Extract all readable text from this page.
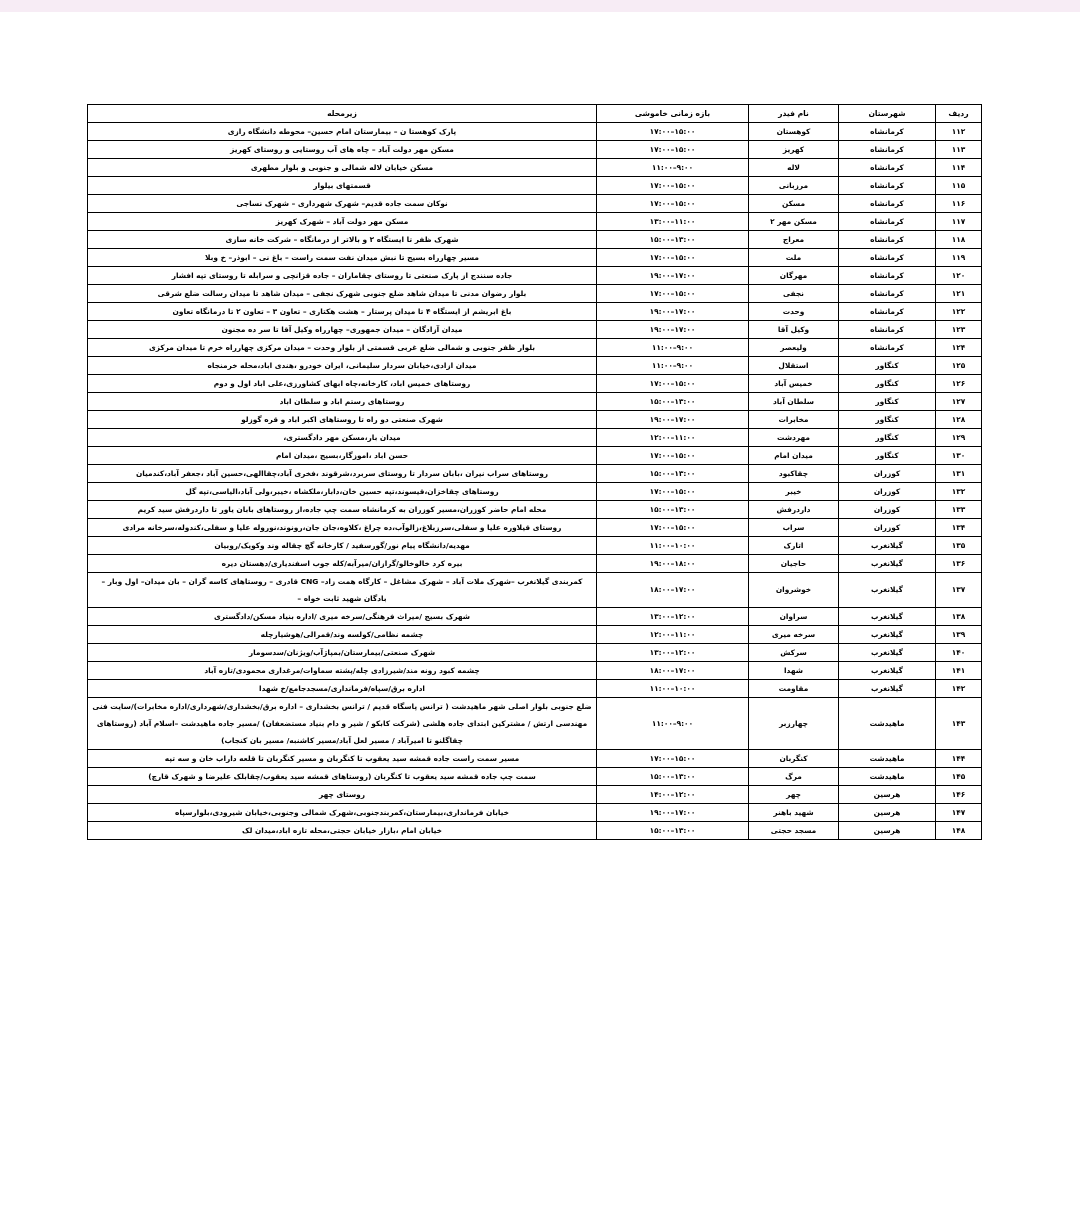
ردیف	شهرستان	نام فیدر	بازه زمانی خاموشی	زیرمحله
۱۱۲	کرمانشاه	کوهستان	۱۵:۰۰–۱۷:۰۰	پارک کوهستا ن – بیمارستان امام حسین– محوطه دانشگاه رازی
۱۱۳	کرمانشاه	کهریز	۱۵:۰۰–۱۷:۰۰	مسکن مهر دولت آباد – چاه های آب روستایی و روستای کهریز
۱۱۴	کرمانشاه	لاله	۹:۰۰–۱۱:۰۰	مسکن خیابان لاله شمالی و جنوبی و بلوار مطهری
۱۱۵	کرمانشاه	مرزبانی	۱۵:۰۰–۱۷:۰۰	قسمتهای بیلوار
۱۱۶	کرمانشاه	مسکن	۱۵:۰۰–۱۷:۰۰	نوکان سمت جاده قدیم– شهرک شهرداری – شهرک نساجی
۱۱۷	کرمانشاه	مسکن مهر ۲	۱۱:۰۰–۱۳:۰۰	مسکن مهر دولت آباد – شهرک کهریز
۱۱۸	کرمانشاه	معراج	۱۳:۰۰–۱۵:۰۰	شهرک ظفر تا ایستگاه ۲ و بالاتر از درمانگاه – شرکت خانه سازی
۱۱۹	کرمانشاه	ملت	۱۵:۰۰–۱۷:۰۰	مسیر چهارراه بسیج تا نبش میدان نفت سمت راست – باغ نی – ابوذر– خ وبلا
۱۲۰	کرمانشاه	مهرگان	۱۷:۰۰–۱۹:۰۰	جاده سنندج از پارک صنعتی تا روستای چقاماران – جاده قزانچی و سرابله تا روستای تپه افشار
۱۲۱	کرمانشاه	نجفی	۱۵:۰۰–۱۷:۰۰	بلوار رضوان مدنی تا میدان شاهد ضلع جنوبی شهرک نجفی – میدان شاهد تا میدان رسالت ضلع شرقی
۱۲۲	کرمانشاه	وحدت	۱۷:۰۰–۱۹:۰۰	باغ ابریشم از ایستگاه ۴ تا میدان پرستار – هشت هکتاری – تعاون ۳ – تعاون ۲ تا درمانگاه تعاون
۱۲۳	کرمانشاه	وکیل آقا	۱۷:۰۰–۱۹:۰۰	میدان آزادگان – میدان جمهوری– چهارراه وکیل آقا تا سر ده مجنون
۱۲۴	کرمانشاه	ولیعصر	۹:۰۰–۱۱:۰۰	بلوار ظفر جنوبی و شمالی ضلع غربی قسمتی از بلوار وحدت – میدان مرکزی چهارراه خرم تا میدان مرکزی
۱۲۵	کنگاور	استقلال	۹:۰۰–۱۱:۰۰	میدان ازادی،خیابان سردار سلیمانی، ایران خودرو ،هندی اباد،محله خرمنجاه
۱۲۶	کنگاور	خمیس آباد	۱۵:۰۰–۱۷:۰۰	روستاهای خمیس اباد، کارخانه،چاه ابهای کشاورزی،علی اباد اول و دوم
۱۲۷	کنگاور	سلطان آباد	۱۳:۰۰–۱۵:۰۰	روستاهای رستم اباد و سلطان اباد
۱۲۸	کنگاور	مخابرات	۱۷:۰۰–۱۹:۰۰	شهرک صنعتی دو راه تا روستاهای اکبر اباد و قره گوزلو
۱۲۹	کنگاور	مهردشت	۱۱:۰۰–۱۲:۰۰	میدان بار،مسکن مهر دادگستری،
۱۳۰	کنگاور	میدان امام	۱۵:۰۰–۱۷:۰۰	حسن اباد ،اموزگار،بسیج ،میدان امام
۱۳۱	کوزران	چقاکبود	۱۳:۰۰–۱۵:۰۰	روستاهای سراب نیران ،بابان سردار تا روستای سربرد،شرقوند ،فخری آباد،چقاالهی،حسین آباد ،جعفر آباد،کندمیان
۱۳۲	کوزران	خیبر	۱۵:۰۰–۱۷:۰۰	روستاهای چقاخزان،قیسوند،تپه حسین خان،دابار،ملکشاه ،خیبر،ولی آباد،الیاسی،تپه گل
۱۳۳	کوزران	داردرفش	۱۳:۰۰–۱۵:۰۰	محله امام حاضر کوزران،مسیر کوزران به کرمانشاه سمت چپ جاده،از روستاهای بابان یاور تا داردرفش سید کریم
۱۳۴	کوزران	سراب	۱۵:۰۰–۱۷:۰۰	روستای قیلاوره علیا و سفلی،سرزبلاغ،زالوآب،ده چراغ ،کلاوه،جان جان،رونوند،نوروله علیا و سفلی،کندوله،سرخانه مرادی
۱۳۵	گیلانغرب	اتارک	۱۰:۰۰–۱۱:۰۰	مهدیه/دانشگاه پیام نور/گورسفید / کارخانه گچ چقاله وند وکویک/روبیان
۱۳۶	گیلانغرب	حاجیان	۱۸:۰۰–۱۹:۰۰	بیره کرد خالوخالو/گرازان/میرآبه/کله جوب اسفندیاری/دهستان دیره
۱۳۷	گیلانغرب	خوشروان	۱۷:۰۰–۱۸:۰۰	کمربندی گیلانغرب –شهرک ملات آباد – شهرک مشاغل – کارگاه همت زاد– CNG قادری – روستاهای کاسه گران – بان میدان– اول وبار – بادگان شهید ثابت خواه –
۱۳۸	گیلانغرب	سراوان	۱۲:۰۰–۱۳:۰۰	شهرک بسیج /میراث فرهنگی/سرخه میری /اداره بنیاد مسکن/دادگستری
۱۳۹	گیلانغرب	سرخه میری	۱۱:۰۰–۱۲:۰۰	چشمه نظامی/کولسه وند/قمرالی/هوشیارچله
۱۴۰	گیلانغرب	سرکش	۱۲:۰۰–۱۳:۰۰	شهرک صنعتی/بیمارستان/بمپاژآب/ویژنان/سدسومار
۱۴۱	گیلانغرب	شهدا	۱۷:۰۰–۱۸:۰۰	چشمه کبود رونه مند/شیرزادی چله/پشته سماوات/مرغداری محمودی/تازه آباد
۱۴۲	گیلانغرب	مقاومت	۱۰:۰۰–۱۱:۰۰	اداره برق/سپاه/فرمانداری/مسجدجامع/خ شهدا
۱۴۳	ماهیدشت	چهارزبر	۹:۰۰–۱۱:۰۰	ضلع جنوبی بلوار اصلی شهر ماهیدشت ( ترانس پاسگاه قدیم / ترانس بخشداری – اداره برق/بخشداری/شهرداری/اداره مخابرات)/سایت فنی مهندسی ارتش / مشترکین ابتدای جاده هلشی (شرکت کابکو / شیر و دام بنیاد مستضعفان) /مسیر جاده ماهیدشت –اسلام آباد (روستاهای چقاگلنو تا امیرآباد / مسیر لعل آباد/مسیر کاشنبه/ مسیر بان کنجاب)
۱۴۴	ماهیدشت	کنگربان	۱۵:۰۰–۱۷:۰۰	مسیر سمت راست جاده قمشه سید یعقوب تا کنگربان و مسیر کنگربان تا قلعه داراب خان و سه تپه
۱۴۵	ماهیدشت	مرگ	۱۳:۰۰–۱۵:۰۰	سمت چپ جاده قمشه سید یعقوب تا کنگربان (روستاهای قمشه سید یعقوب/چقابلک علیرضا و شهرک قارچ)
۱۴۶	هرسین	چهر	۱۲:۰۰–۱۴:۰۰	روستای چهر
۱۴۷	هرسین	شهید باهنر	۱۷:۰۰–۱۹:۰۰	خیابان فرمانداری،بیمارستان،کمربندجنوبی،شهرک شمالی وجنوبی،خیابان شیرودی،بلوارسپاه
۱۴۸	هرسین	مسجد حجتی	۱۳:۰۰–۱۵:۰۰	خیابان امام ،بازار خیابان حجتی،محله تازه اباد،میدان لک
